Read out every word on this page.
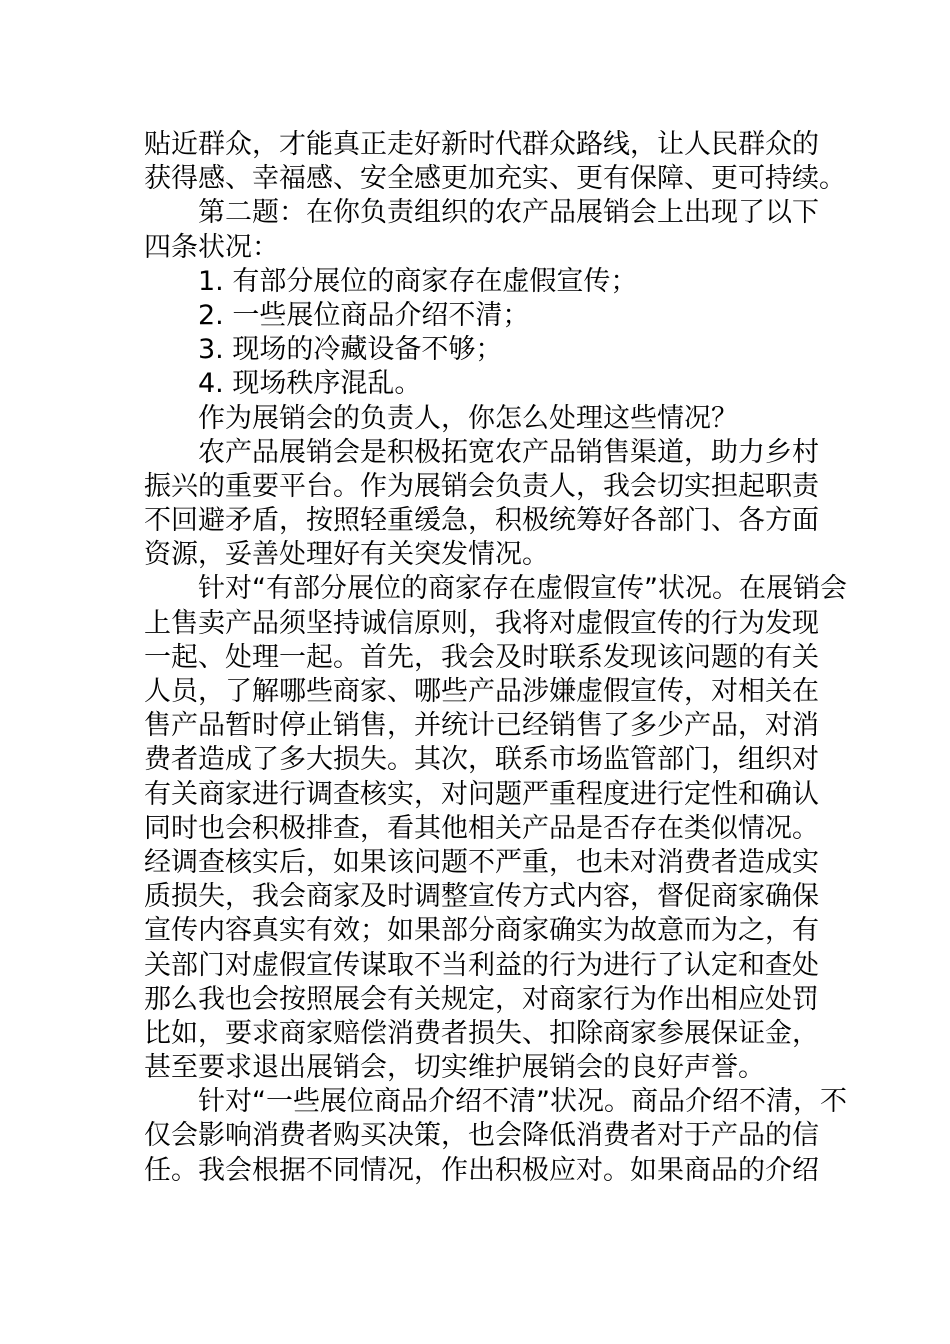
贴近群众，才能真正走好新时代群众路线，让人民群众的
获得感、幸福感、安全感更加充实、更有保障、更可持续。
第二题：在你负责组织的农产品展销会上出现了以下
四条状况：
1. 有部分展位的商家存在虚假宣传；
2. 一些展位商品介绍不清；
3. 现场的冷藏设备不够；
4. 现场秩序混乱。
作为展销会的负责人，你怎么处理这些情况？
农产品展销会是积极拓宽农产品销售渠道，助力乡村
振兴的重要平台。作为展销会负责人，我会切实担起职责
不回避矛盾，按照轻重缓急，积极统筹好各部门、各方面
资源，妥善处理好有关突发情况。
针对“有部分展位的商家存在虚假宣传”状况。在展销会
上售卖产品须坚持诚信原则，我将对虚假宣传的行为发现
一起、处理一起。首先，我会及时联系发现该问题的有关
人员，了解哪些商家、哪些产品涉嫌虚假宣传，对相关在
售产品暂时停止销售，并统计已经销售了多少产品，对消
费者造成了多大损失。其次，联系市场监管部门，组织对
有关商家进行调查核实，对问题严重程度进行定性和确认
同时也会积极排查，看其他相关产品是否存在类似情况。
经调查核实后，如果该问题不严重，也未对消费者造成实
质损失，我会商家及时调整宣传方式内容，督促商家确保
宣传内容真实有效；如果部分商家确实为故意而为之，有
关部门对虚假宣传谋取不当利益的行为进行了认定和查处
那么我也会按照展会有关规定，对商家行为作出相应处罚
比如，要求商家赔偿消费者损失、扣除商家参展保证金，
甚至要求退出展销会，切实维护展销会的良好声誉。
针对“一些展位商品介绍不清”状况。商品介绍不清，不
仅会影响消费者购买决策，也会降低消费者对于产品的信
任。我会根据不同情况，作出积极应对。如果商品的介绍
